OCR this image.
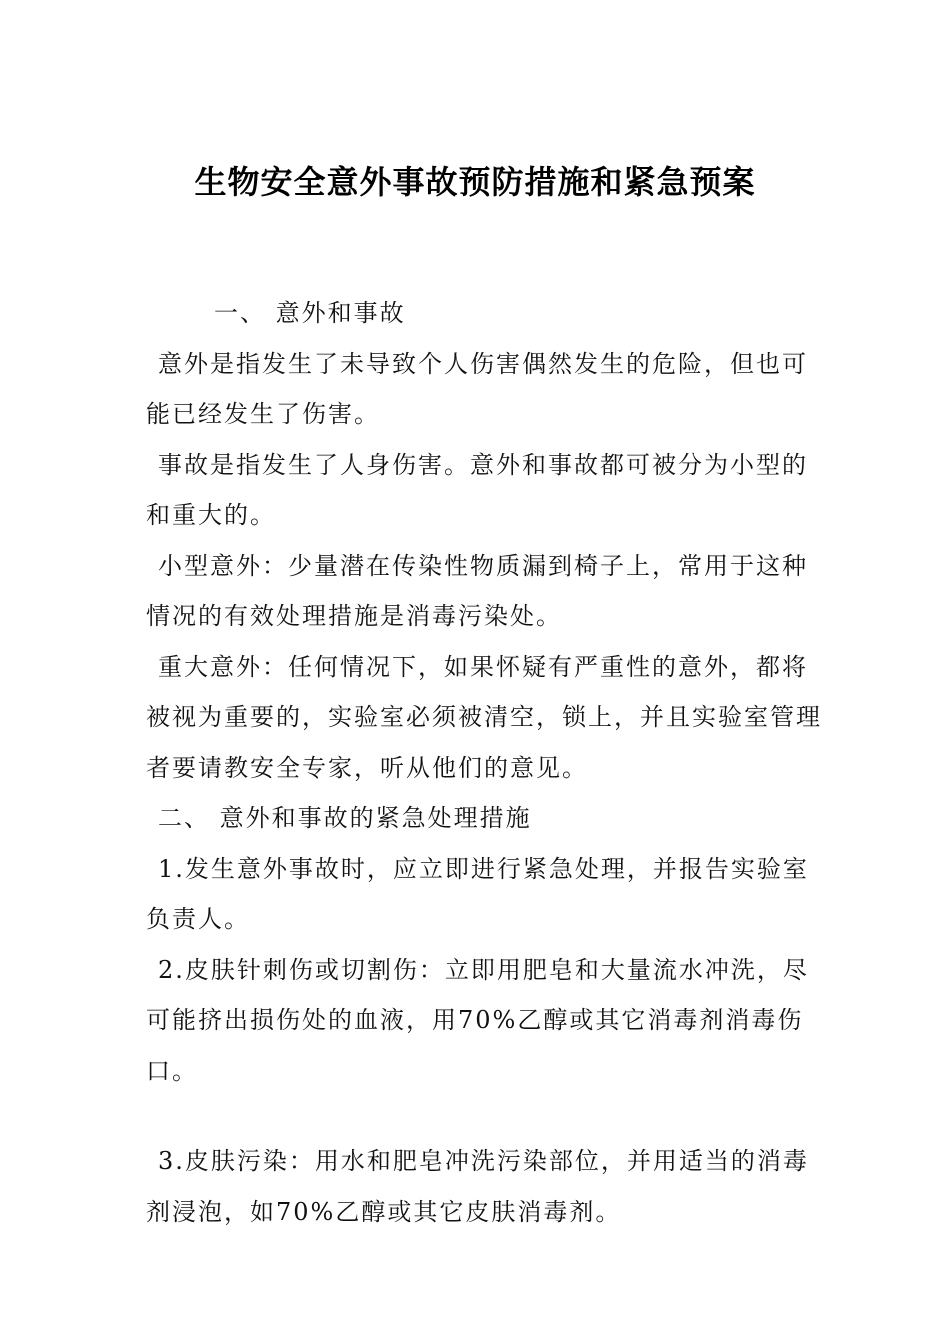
生物安全意外事故预防措施和紧急预案

一、 意外和事故

意外是指发生了未导致个人伤害偶然发生的危险，但也可能已经发生了伤害。

事故是指发生了人身伤害。意外和事故都可被分为小型的和重大的。

小型意外：少量潜在传染性物质漏到椅子上，常用于这种情况的有效处理措施是消毒污染处。

重大意外：任何情况下，如果怀疑有严重性的意外，都将被视为重要的，实验室必须被清空，锁上，并且实验室管理者要请教安全专家，听从他们的意见。

二、 意外和事故的紧急处理措施

1.发生意外事故时，应立即进行紧急处理，并报告实验室负责人。

2.皮肤针刺伤或切割伤：立即用肥皂和大量流水冲洗，尽可能挤出损伤处的血液，用70%乙醇或其它消毒剂消毒伤口。

3.皮肤污染：用水和肥皂冲洗污染部位，并用适当的消毒剂浸泡，如70%乙醇或其它皮肤消毒剂。
